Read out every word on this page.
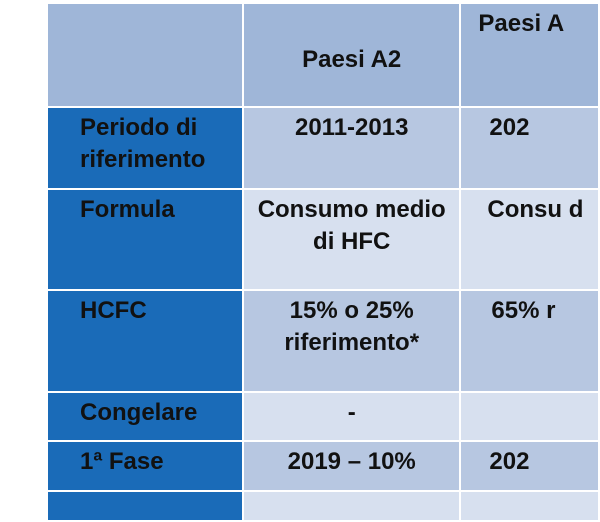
	Paesi A2	Paesi A
Periodo di riferimento	2011-2013	202
Formula	Consumo medio di HFC	Consu d
HCFC	15% o 25% riferimento*	65% r
Congelare	-	
1ª Fase	2019 – 10%	202
